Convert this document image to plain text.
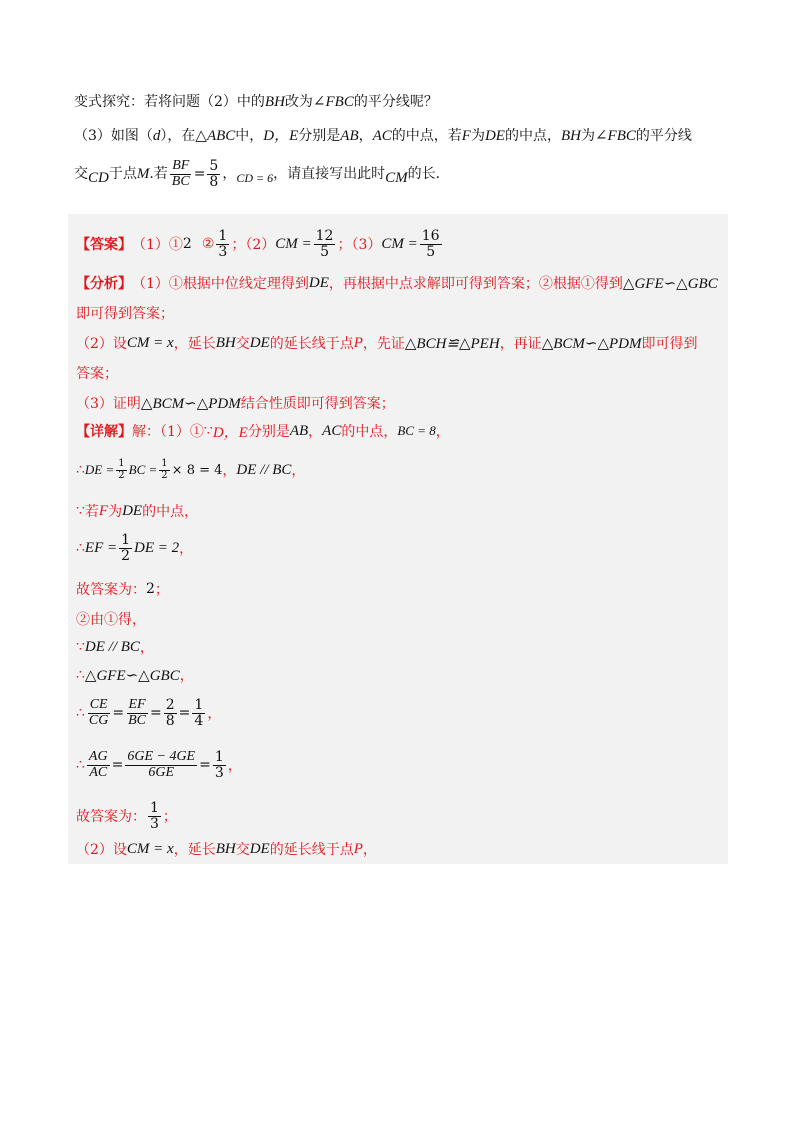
变式探究：若将问题（2）中的BH改为∠FBC的平分线呢？
（3）如图（d），在△ABC中，D，E分别是AB，AC的中点，若F为DE的中点，BH为∠FBC的平分线
交 CD 于点 M .若 $\frac{BF}{BC} = \frac{5}{8}$ ， CD = 6 ，请直接写出此时 CM 的长.
【答案】 （1）① 2 ② $\frac{1}{3}$ ；（2） CM = $\frac{12}{5}$ ；（3） CM = $\frac{16}{5}$
【分析】 （1）①根据中位线定理得到 DE ，再根据中点求解即可得到答案；②根据①得到 △GFE∽△GBC
即可得到答案；
（2）设 CM = x ，延长 BH 交 DE 的延长线于点 P ，先证 △BCH≌△PEH ，再证 △BCM∽△PDM 即可得到
答案；
（3）证明 △BCM∽△PDM 结合性质即可得到答案；
【详解】 解：（1）① ∵ D，E 分别是 AB ， AC 的中点， BC = 8 ，
∴ DE = $\frac{1}{2}$ BC = $\frac{1}{2} \times 8 = 4$ ， DE // BC ，
∵ 若 F 为 DE 的中点，
∴ EF = $\frac{1}{2}$ DE = 2 ，
故答案为： 2 ；
②由①得，
∵ DE // BC ，
∴ △GFE∽△GBC ，
∴ $\frac{CE}{CG} = \frac{EF}{BC} = \frac{2}{8} = \frac{1}{4}$ ，
∴ $\frac{AG}{AC} = \frac{6GE - 4GE}{6GE} = \frac{1}{3}$ ，
故答案为： $\frac{1}{3}$ ；
（2）设 CM = x ，延长 BH 交 DE 的延长线于点 P ，
